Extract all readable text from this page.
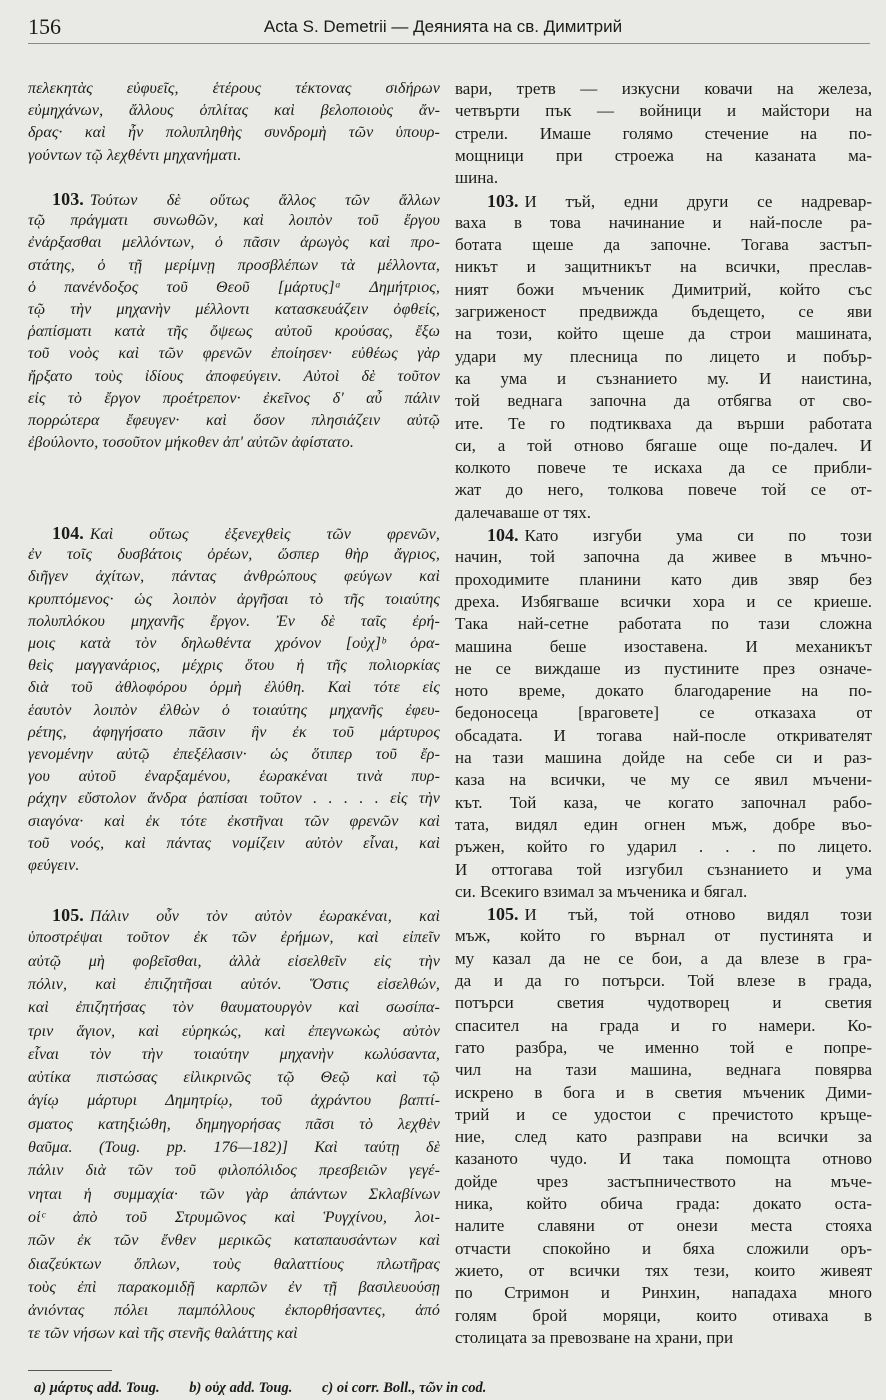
156	Acta S. Demetrii — Деянията на св. Димитрий
πελεκητὰς εὐφυεῖς, ἑτέρους τέκτονας σιδήρων
εὐμηχάνων, ἄλλους ὁπλίτας καὶ βελοποιοὺς ἄν-
δρας· καὶ ἦν πολυπληθὴς συνδρομὴ τῶν ὑπουρ-
γούντων τῷ λεχθέντι μηχανήματι.
103. Τούτων δὲ οὕτως ἄλλος τῶν ἄλλων
τῷ πράγματι συνωθῶν, καὶ λοιπὸν τοῦ ἔργου
ἐνάρξασθαι μελλόντων, ὁ πᾶσιν ἀρωγὸς καὶ προ-
στάτης, ὁ τῇ μερίμνῃ προσβλέπων τὰ μέλλοντα,
ὁ πανένδοξος τοῦ Θεοῦ [μάρτυς]ᵃ Δημήτριος,
τῷ τὴν μηχανὴν μέλλοντι κατασκευάζειν ὀφθείς,
ῥαπίσματι κατὰ τῆς ὄψεως αὐτοῦ κρούσας, ἔξω
τοῦ νοὸς καὶ τῶν φρενῶν ἐποίησεν· εὐθέως γὰρ
ἤρξατο τοὺς ἰδίους ἀποφεύγειν. Αὐτοὶ δὲ τοῦτον
εἰς τὸ ἔργον προέτρεπον· ἐκεῖνος δ' αὖ πάλιν
πορρώτερα ἔφευγεν· καὶ ὅσον πλησιάζειν αὐτῷ
ἐβούλοντο, τοσοῦτον μήκοθεν ἀπ' αὐτῶν ἀφίστατο.
104. Καὶ οὕτως ἐξενεχθεὶς τῶν φρενῶν,
ἐν τοῖς δυσβάτοις ὀρέων, ὥσπερ θὴρ ἄγριος,
διῆγεν ἀχίτων, πάντας ἀνθρώπους φεύγων καὶ
κρυπτόμενος· ὡς λοιπὸν ἀργῆσαι τὸ τῆς τοιαύτης
πολυπλόκου μηχανῆς ἔργον. Ἐν δὲ ταῖς ἐρή-
μοις κατὰ τὸν δηλωθέντα χρόνον [οὐχ]ᵇ ὁρα-
θεὶς μαγγανάριος, μέχρις ὅτου ἡ τῆς πολιορκίας
διὰ τοῦ ἀθλοφόρου ὁρμὴ ἐλύθη. Καὶ τότε εἰς
ἑαυτὸν λοιπὸν ἐλθὼν ὁ τοιαύτης μηχανῆς ἐφευ-
ρέτης, ἀφηγήσατο πᾶσιν ἣν ἐκ τοῦ μάρτυρος
γενομένην αὐτῷ ἐπεξέλασιν· ὡς ὅτιπερ τοῦ ἔρ-
γου αὐτοῦ ἐναρξαμένου, ἑωρακέναι τινὰ πυρ-
ράχην εὔστολον ἄνδρα ῥαπίσαι τοῦτον . . . . . εἰς τὴν
σιαγόνα· καὶ ἐκ τότε ἐκστῆναι τῶν φρενῶν καὶ
τοῦ νοός, καὶ πάντας νομίζειν αὐτὸν εἶναι, καὶ
φεύγειν.
105. Πάλιν οὖν τὸν αὐτὸν ἑωρακέναι, καὶ
ὑποστρέψαι τοῦτον ἐκ τῶν ἐρήμων, καὶ εἰπεῖν
αὐτῷ μὴ φοβεῖσθαι, ἀλλὰ εἰσελθεῖν εἰς τὴν
πόλιν, καὶ ἐπιζητῆσαι αὐτόν. Ὅστις εἰσελθών,
καὶ ἐπιζητήσας τὸν θαυματουργὸν καὶ σωσίπα-
τριν ἅγιον, καὶ εὑρηκώς, καὶ ἐπεγνωκὼς αὐτὸν
εἶναι τὸν τὴν τοιαύτην μηχανὴν κωλύσαντα,
αὐτίκα πιστώσας εἰλικρινῶς τῷ Θεῷ καὶ τῷ
ἁγίῳ μάρτυρι Δημητρίῳ, τοῦ ἀχράντου βαπτί-
σματος κατηξιώθη, δημηγορήσας πᾶσι τὸ λεχθὲν
θαῦμα. (Toug. pp. 176—182)] Καὶ ταύτῃ δὲ
πάλιν διὰ τῶν τοῦ φιλοπόλιδος πρεσβειῶν γεγέ-
νηται ἡ συμμαχία· τῶν γὰρ ἁπάντων Σκλαβίνων
οἱᶜ ἀπὸ τοῦ Στρυμῶνος καὶ Ῥυγχίνου, λοι-
πῶν ἐκ τῶν ἔνθεν μερικῶς καταπαυσάντων καὶ
διαζεύκτων ὅπλων, τοὺς θαλαττίους πλωτῆρας
τοὺς ἐπὶ παρακομιδῇ καρπῶν ἐν τῇ βασιλευούσῃ
ἀνιόντας πόλει παμπόλλους ἐκπορθήσαντες, ἀπό
τε τῶν νήσων καὶ τῆς στενῆς θαλάττης καὶ
вари, третв — изкусни ковачи на железа,
четвърти пък — войници и майстори на
стрели. Имаше голямо стечение на по-
мощници при строежа на казаната ма-
шина.
103. И тъй, едни други се надревар-
ваха в това начинание и най-после ра-
ботата щеше да започне. Тогава застъп-
никът и защитникът на всички, преслав-
ният божи мъченик Димитрий, който със
загриженост предвижда бъдещето, се яви
на този, който щеше да строи машината,
удари му плесница по лицето и побър-
ка ума и съзнанието му. И наистина,
той веднага започна да отбягва от сво-
ите. Те го подтикваха да върши работата
си, а той отново бягаше още по-далеч. И
колкото повече те искаха да се прибли-
жат до него, толкова повече той се от-
далечаваше от тях.
104. Като изгуби ума си по този
начин, той започна да живее в мъчно-
проходимите планини като див звяр без
дреха. Избягваше всички хора и се криеше.
Така най-сетне работата по тази сложна
машина беше изоставена. И механикът
не се виждаше из пустините през означе-
ното време, докато благодарение на по-
бедоносеца [враговете] се отказаха от
обсадата. И тогава най-после откривателят
на тази машина дойде на себе си и раз-
каза на всички, че му се явил мъчени-
кът. Той каза, че когато започнал рабо-
тата, видял един огнен мъж, добре въо-
ръжен, който го ударил . . . по лицето.
И оттогава той изгубил съзнанието и ума
си. Всекиго взимал за мъченика и бягал.
105. И тъй, той отново видял този
мъж, който го върнал от пустинята и
му казал да не се бои, а да влезе в гра-
да и да го потърси. Той влезе в града,
потърси светия чудотворец и светия
спасител на града и го намери. Ко-
гато разбра, че именно той е попре-
чил на тази машина, веднага повярва
искрено в бога и в светия мъченик Дими-
трий и се удостои с пречистото кръще-
ние, след като разправи на всички за
казаното чудо. И така помощта отново
дойде чрез застъпничеството на мъче-
ника, който обича града: докато оста-
налите славяни от онези места стояха
отчасти спокойно и бяха сложили оръ-
жието, от всички тях тези, които живеят
по Стримон и Ринхин, нападаха много
голям брой моряци, които отиваха в
столицата за превозване на храни, при
a) μάρτυς add. Toug. b) οὐχ add. Toug. c) οἱ corr. Boll., τῶν in cod.
